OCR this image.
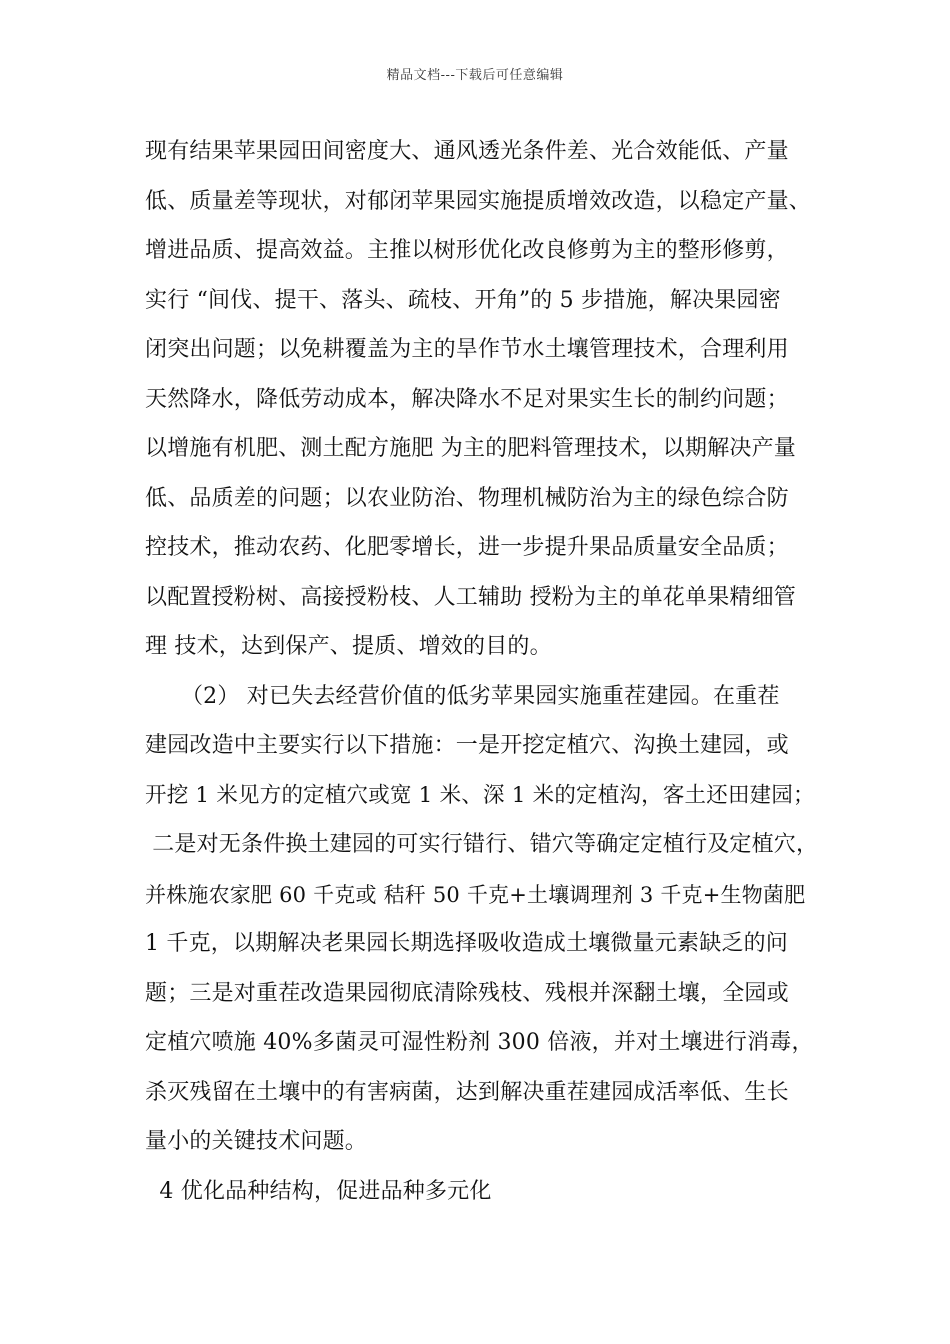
精品文档---下载后可任意编辑
现有结果苹果园田间密度大、通风透光条件差、光合效能低、产量
低、质量差等现状，对郁闭苹果园实施提质增效改造，以稳定产量、
增进品质、提高效益。主推以树形优化改良修剪为主的整形修剪，
实行 “间伐、提干、落头、疏枝、开角”的 5 步措施，解决果园密
闭突出问题；以免耕覆盖为主的旱作节水土壤管理技术，合理利用
天然降水，降低劳动成本，解决降水不足对果实生长的制约问题；
以增施有机肥、测土配方施肥 为主的肥料管理技术，以期解决产量
低、品质差的问题；以农业防治、物理机械防治为主的绿色综合防
控技术，推动农药、化肥零增长，进一步提升果品质量安全品质；
以配置授粉树、高接授粉枝、人工辅助 授粉为主的单花单果精细管
理 技术，达到保产、提质、增效的目的。
（2） 对已失去经营价值的低劣苹果园实施重茬建园。在重茬
建园改造中主要实行以下措施：一是开挖定植穴、沟换土建园，或
开挖 1 米见方的定植穴或宽 1 米、深 1 米的定植沟，客土还田建园；
二是对无条件换土建园的可实行错行、错穴等确定定植行及定植穴，
并株施农家肥 60 千克或 秸秆 50 千克+土壤调理剂 3 千克+生物菌肥
1 千克，以期解决老果园长期选择吸收造成土壤微量元素缺乏的问
题；三是对重茬改造果园彻底清除残枝、残根并深翻土壤，全园或
定植穴喷施 40%多菌灵可湿性粉剂 300 倍液，并对土壤进行消毒，
杀灭残留在土壤中的有害病菌，达到解决重茬建园成活率低、生长
量小的关键技术问题。
4 优化品种结构，促进品种多元化
